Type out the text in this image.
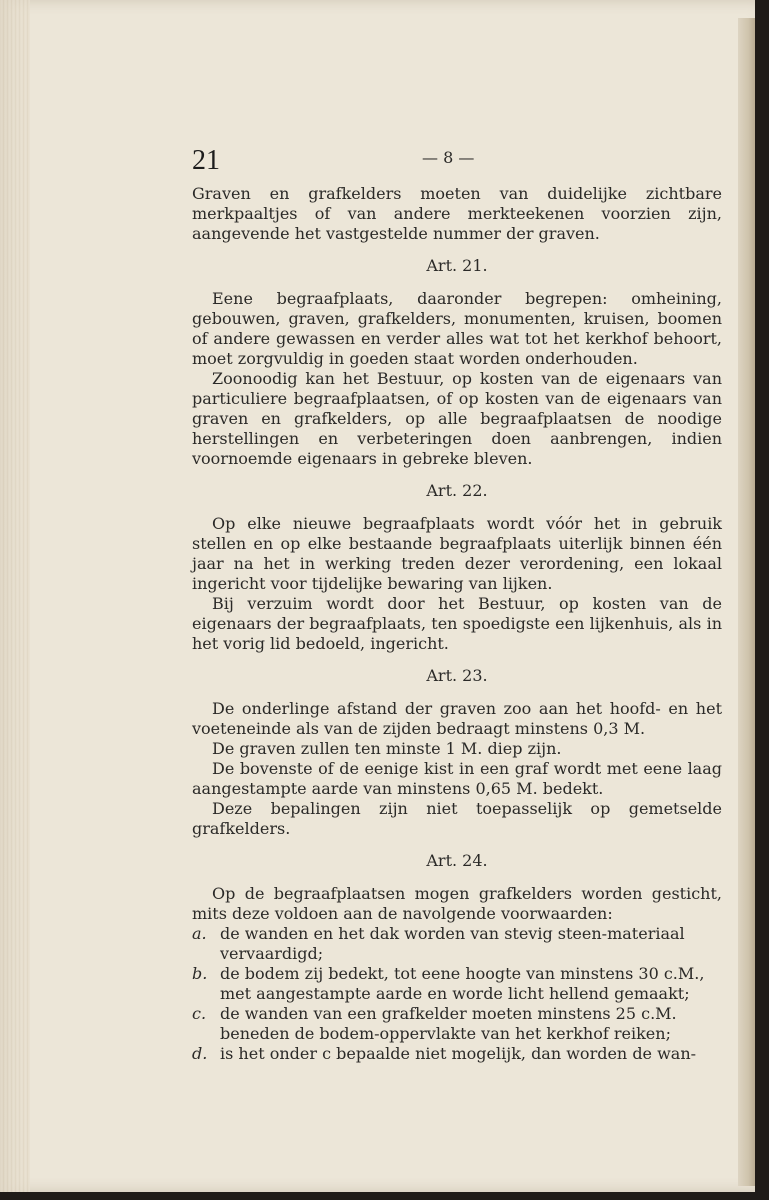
21	— 8 —

Graven en grafkelders moeten van duidelijke zichtbare merkpaaltjes of van andere merkteekenen voorzien zijn, aangevende het vastgestelde nummer der graven.

Art. 21.

Eene begraafplaats, daaronder begrepen: omheining, gebouwen, graven, grafkelders, monumenten, kruisen, boomen of andere gewassen en verder alles wat tot het kerkhof behoort, moet zorgvuldig in goeden staat worden onderhouden.

Zoonoodig kan het Bestuur, op kosten van de eigenaars van particuliere begraafplaatsen, of op kosten van de eigenaars van graven en grafkelders, op alle begraafplaatsen de noodige herstellingen en verbeteringen doen aanbrengen, indien voornoemde eigenaars in gebreke bleven.

Art. 22.

Op elke nieuwe begraafplaats wordt vóór het in gebruik stellen en op elke bestaande begraafplaats uiterlijk binnen één jaar na het in werking treden dezer verordening, een lokaal ingericht voor tijdelijke bewaring van lijken.

Bij verzuim wordt door het Bestuur, op kosten van de eigenaars der begraafplaats, ten spoedigste een lijkenhuis, als in het vorig lid bedoeld, ingericht.

Art. 23.

De onderlinge afstand der graven zoo aan het hoofd- en het voeteneinde als van de zijden bedraagt minstens 0,3 M.

De graven zullen ten minste 1 M. diep zijn.

De bovenste of de eenige kist in een graf wordt met eene laag aangestampte aarde van minstens 0,65 M. bedekt.

Deze bepalingen zijn niet toepasselijk op gemetselde grafkelders.

Art. 24.

Op de begraafplaatsen mogen grafkelders worden gesticht, mits deze voldoen aan de navolgende voorwaarden:

a. de wanden en het dak worden van stevig steen-materiaal vervaardigd;
b. de bodem zij bedekt, tot eene hoogte van minstens 30 c.M., met aangestampte aarde en worde licht hellend gemaakt;
c. de wanden van een grafkelder moeten minstens 25 c.M. beneden de bodem-oppervlakte van het kerkhof reiken;
d. is het onder c bepaalde niet mogelijk, dan worden de wan-
